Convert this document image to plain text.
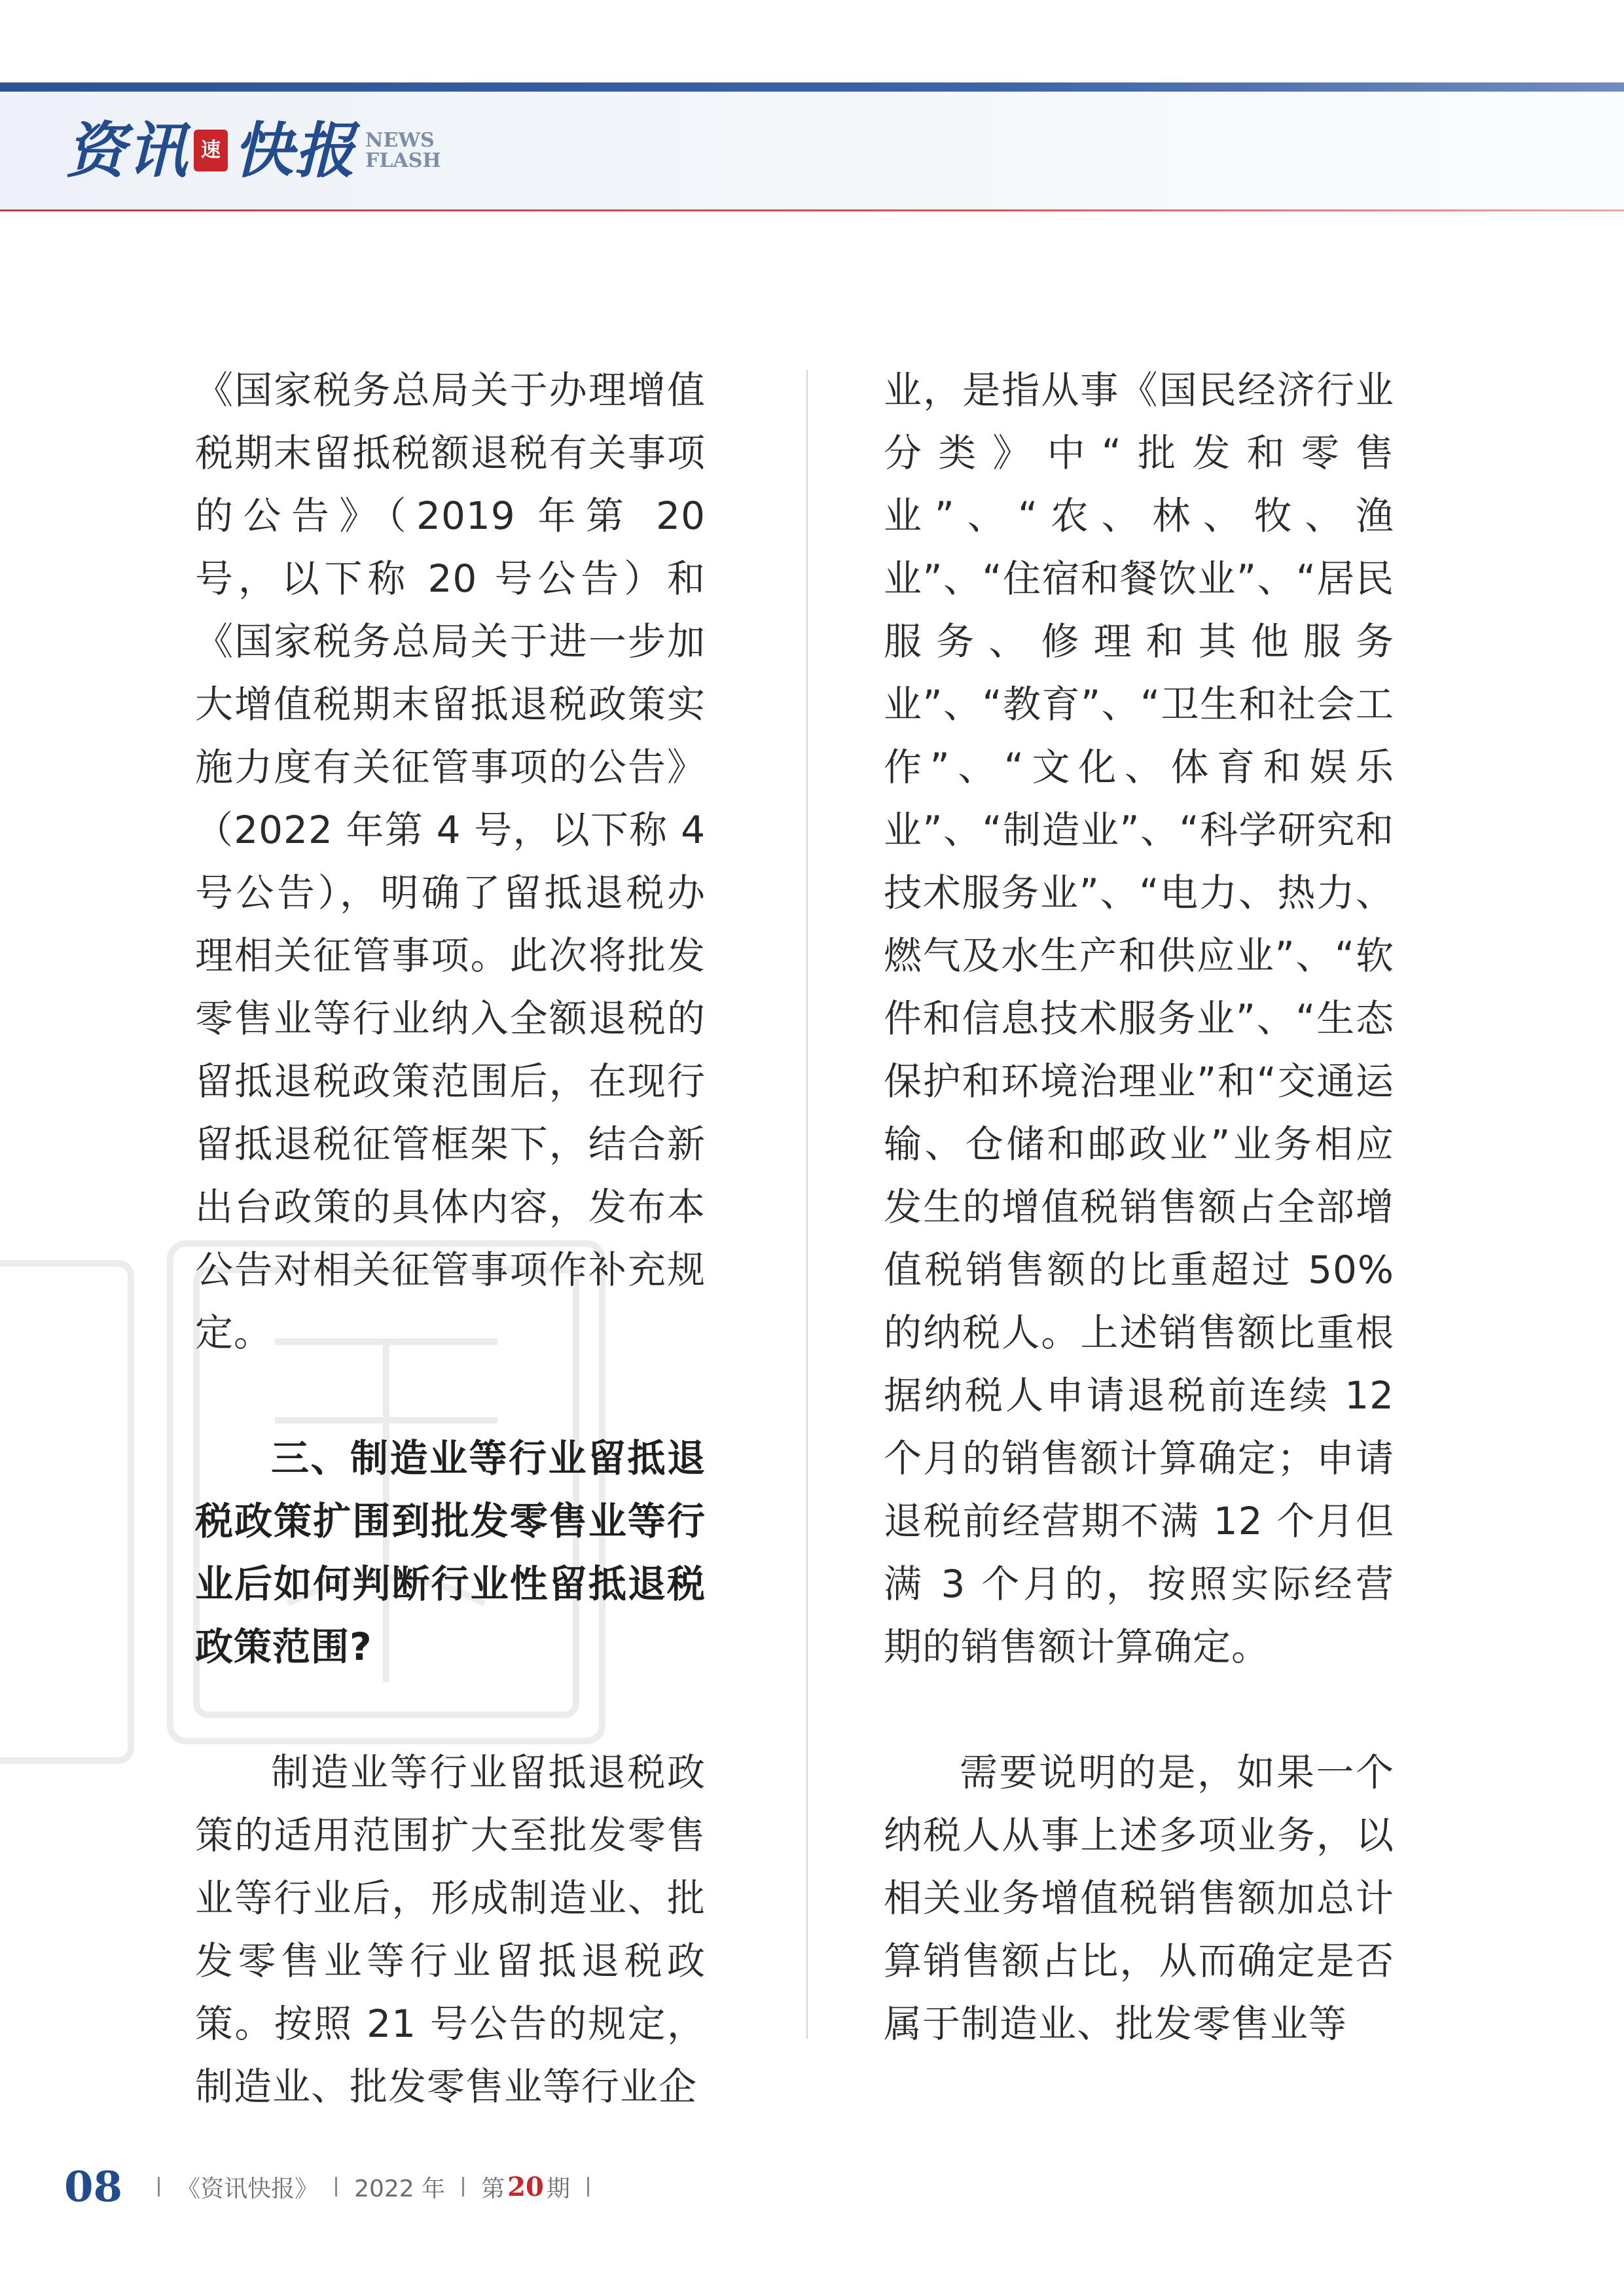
资讯 速 快报 NEWS
FLASH

《国家税务总局关于办理增值税期末留抵税额退税有关事项的公告》（2019 年第 20 号，以下称 20 号公告）和《国家税务总局关于进一步加大增值税期末留抵退税政策实施力度有关征管事项的公告》（2022 年第 4 号，以下称 4 号公告），明确了留抵退税办理相关征管事项。此次将批发零售业等行业纳入全额退税的留抵退税政策范围后，在现行留抵退税征管框架下，结合新出台政策的具体内容，发布本公告对相关征管事项作补充规定。

三、制造业等行业留抵退税政策扩围到批发零售业等行业后如何判断行业性留抵退税政策范围?

制造业等行业留抵退税政策的适用范围扩大至批发零售业等行业后，形成制造业、批发零售业等行业留抵退税政策。按照 21 号公告的规定，制造业、批发零售业等行业企

业，是指从事《国民经济行业分类》中“批发和零售业”、“农、林、牧、渔业”、“住宿和餐饮业”、“居民服务、修理和其他服务业”、“教育”、“卫生和社会工作”、“文化、体育和娱乐业”、“制造业”、“科学研究和技术服务业”、“电力、热力、燃气及水生产和供应业”、“软件和信息技术服务业”、“生态保护和环境治理业”和“交通运输、仓储和邮政业”业务相应发生的增值税销售额占全部增值税销售额的比重超过 50% 的纳税人。上述销售额比重根据纳税人申请退税前连续 12 个月的销售额计算确定；申请退税前经营期不满 12 个月但满 3 个月的，按照实际经营期的销售额计算确定。

需要说明的是，如果一个纳税人从事上述多项业务，以相关业务增值税销售额加总计算销售额占比，从而确定是否属于制造业、批发零售业等

08 《资讯快报》 2022 年 第 20 期
